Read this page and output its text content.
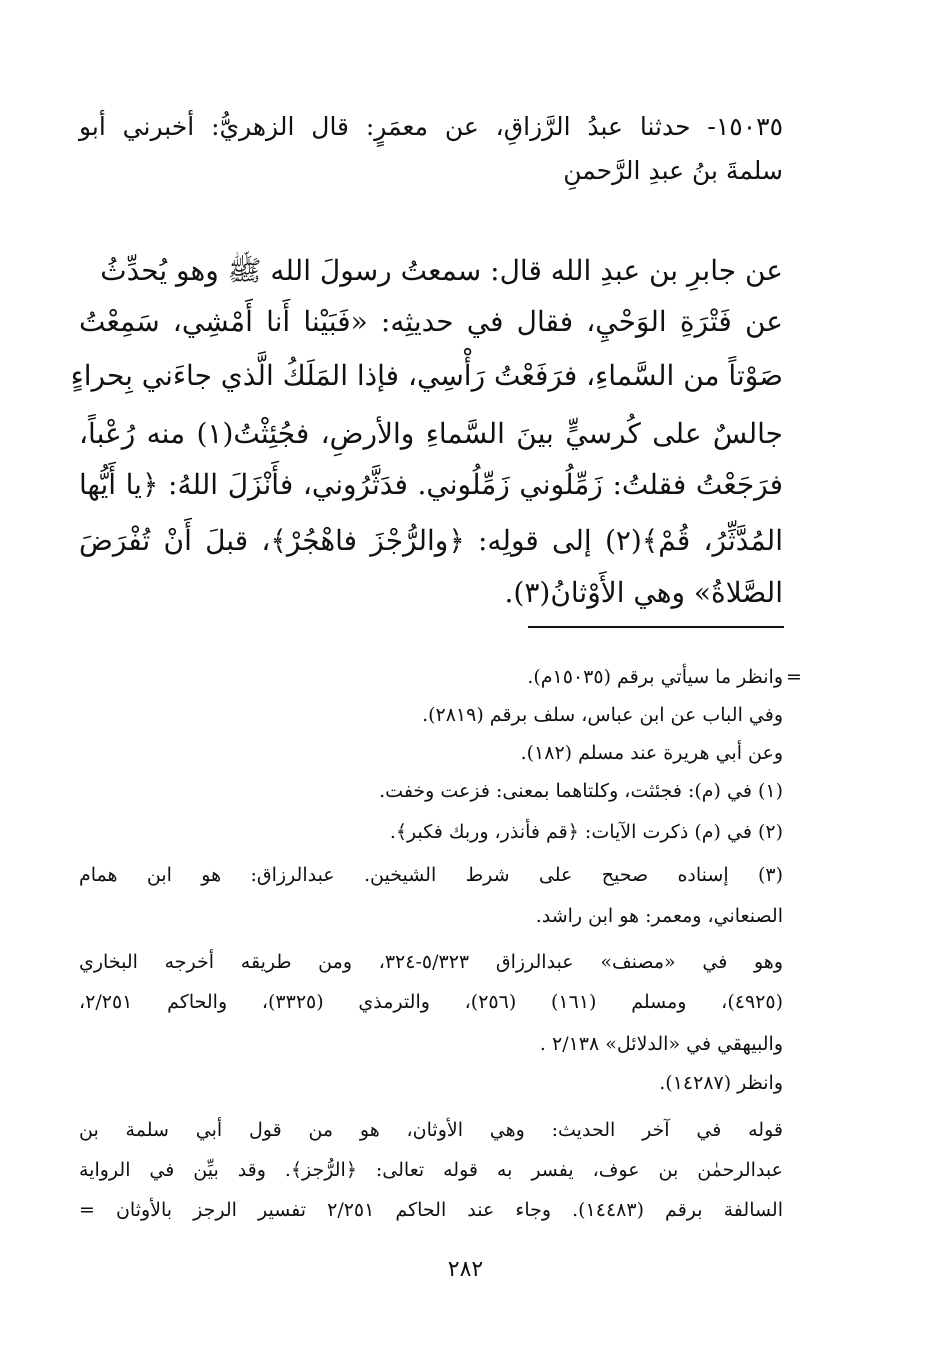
١٥٠٣٥- حدثنا عبدُ الرَّزاقِ، عن معمَرٍ: قال الزهريُّ: أخبرني أبو
سلمةَ بنُ عبدِ الرَّحمنِ
عن جابرِ بن عبدِ الله قال: سمعتُ رسولَ الله ﷺ وهو يُحدِّثُ
عن فَتْرَةِ الوَحْيِ، فقال في حديثِه: «فَبَيْنا أَنا أَمْشِي، سَمِعْتُ
صَوْتاً من السَّماءِ، فرَفَعْتُ رَأْسِي، فإذا المَلَكُ الَّذي جاءَني بِحراءٍ
جالسٌ على كُرسيٍّ بينَ السَّماءِ والأرضِ، فجُئِثْتُ(١) منه رُعْباً،
فرَجَعْتُ فقلتُ: زَمِّلُوني زَمِّلُوني. فدَثَّرُوني، فأَنْزَلَ اللهُ: ﴿يا أَيُّها
المُدَّثِّرُ، قُمْ﴾(٢) إلى قولِه: ﴿والرُّجْزَ فاهْجُرْ﴾، قبلَ أَنْ تُفْرَضَ
الصَّلاةُ» وهي الأَوْثانُ(٣).
=
وانظر ما سيأتي برقم (١٥٠٣٥م).
وفي الباب عن ابن عباس، سلف برقم (٢٨١٩).
وعن أبي هريرة عند مسلم (١٨٢).
(١) في (م): فجئثت، وكلتاهما بمعنى: فزعت وخفت.
(٢) في (م) ذكرت الآيات: ﴿قم فأنذر، وربك فكبر﴾.
(٣) إسناده صحيح على شرط الشيخين. عبدالرزاق: هو ابن همام
الصنعاني، ومعمر: هو ابن راشد.
وهو في «مصنف» عبدالرزاق ٥/٣٢٣-٣٢٤، ومن طريقه أخرجه البخاري
(٤٩٢٥)، ومسلم (١٦١) (٢٥٦)، والترمذي (٣٣٢٥)، والحاكم ٢/٢٥١،
والبيهقي في «الدلائل» ٢/١٣٨ .
وانظر (١٤٢٨٧).
قوله في آخر الحديث: وهي الأوثان، هو من قول أبي سلمة بن
عبدالرحمٰن بن عوف، يفسر به قوله تعالى: ﴿الرُّجز﴾. وقد بيِّن في الرواية
السالفة برقم (١٤٤٨٣). وجاء عند الحاكم ٢/٢٥١ تفسير الرجز بالأوثان =
٢٨٢
